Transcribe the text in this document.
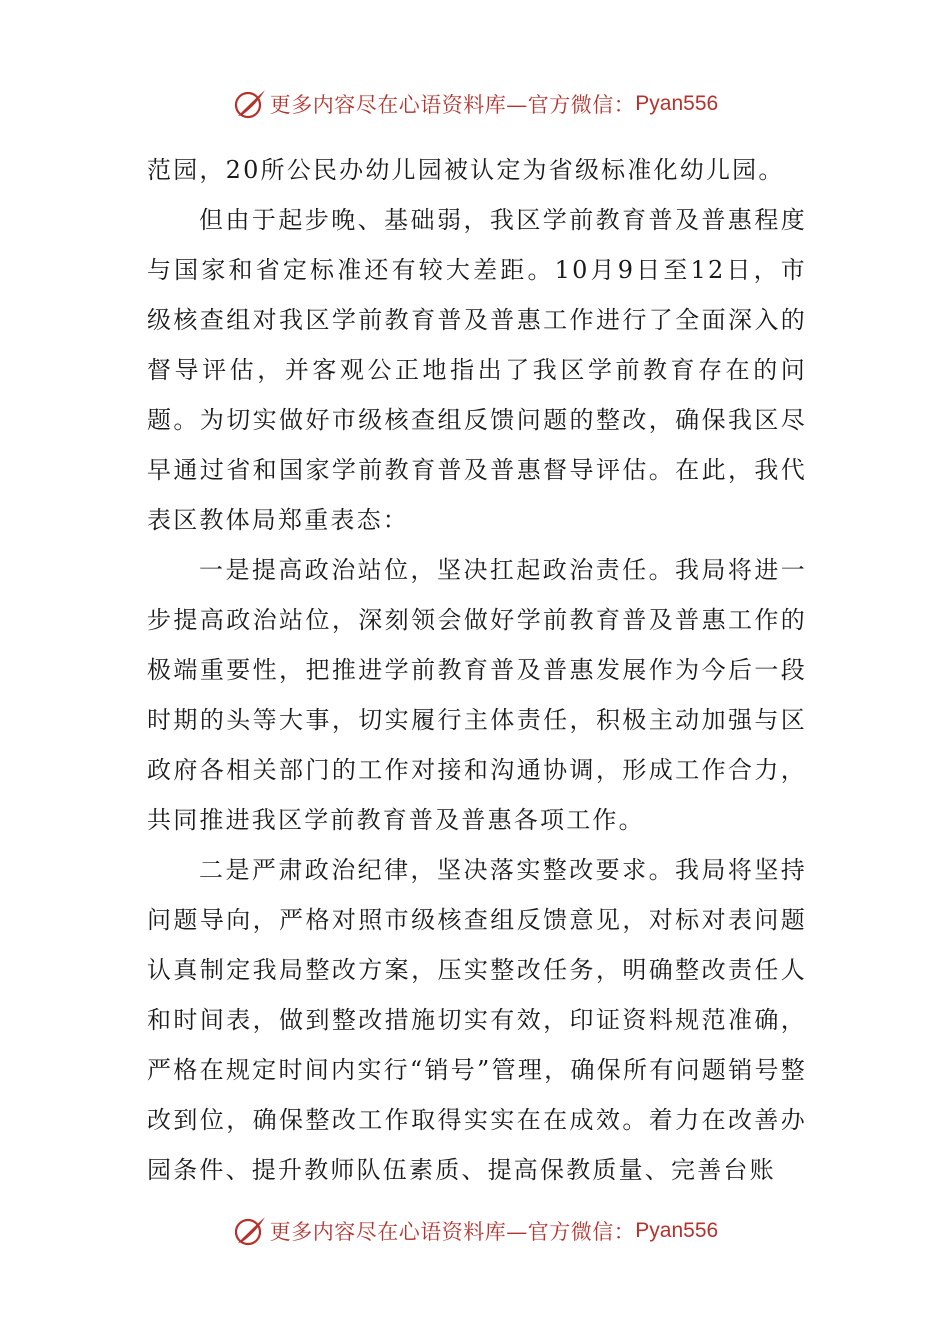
更多内容尽在心语资料库—官方微信： Pyan556

范园，20所公民办幼儿园被认定为省级标准化幼儿园。

但由于起步晚、基础弱，我区学前教育普及普惠程度与国家和省定标准还有较大差距。10月9日至12日，市级核查组对我区学前教育普及普惠工作进行了全面深入的督导评估，并客观公正地指出了我区学前教育存在的问题。为切实做好市级核查组反馈问题的整改，确保我区尽早通过省和国家学前教育普及普惠督导评估。在此，我代表区教体局郑重表态：

一是提高政治站位，坚决扛起政治责任。我局将进一步提高政治站位，深刻领会做好学前教育普及普惠工作的极端重要性，把推进学前教育普及普惠发展作为今后一段时期的头等大事，切实履行主体责任，积极主动加强与区政府各相关部门的工作对接和沟通协调，形成工作合力，共同推进我区学前教育普及普惠各项工作。

二是严肃政治纪律，坚决落实整改要求。我局将坚持问题导向，严格对照市级核查组反馈意见，对标对表问题认真制定我局整改方案，压实整改任务，明确整改责任人和时间表，做到整改措施切实有效，印证资料规范准确，严格在规定时间内实行“销号”管理，确保所有问题销号整改到位，确保整改工作取得实实在在成效。着力在改善办园条件、提升教师队伍素质、提高保教质量、完善台账

更多内容尽在心语资料库—官方微信： Pyan556
